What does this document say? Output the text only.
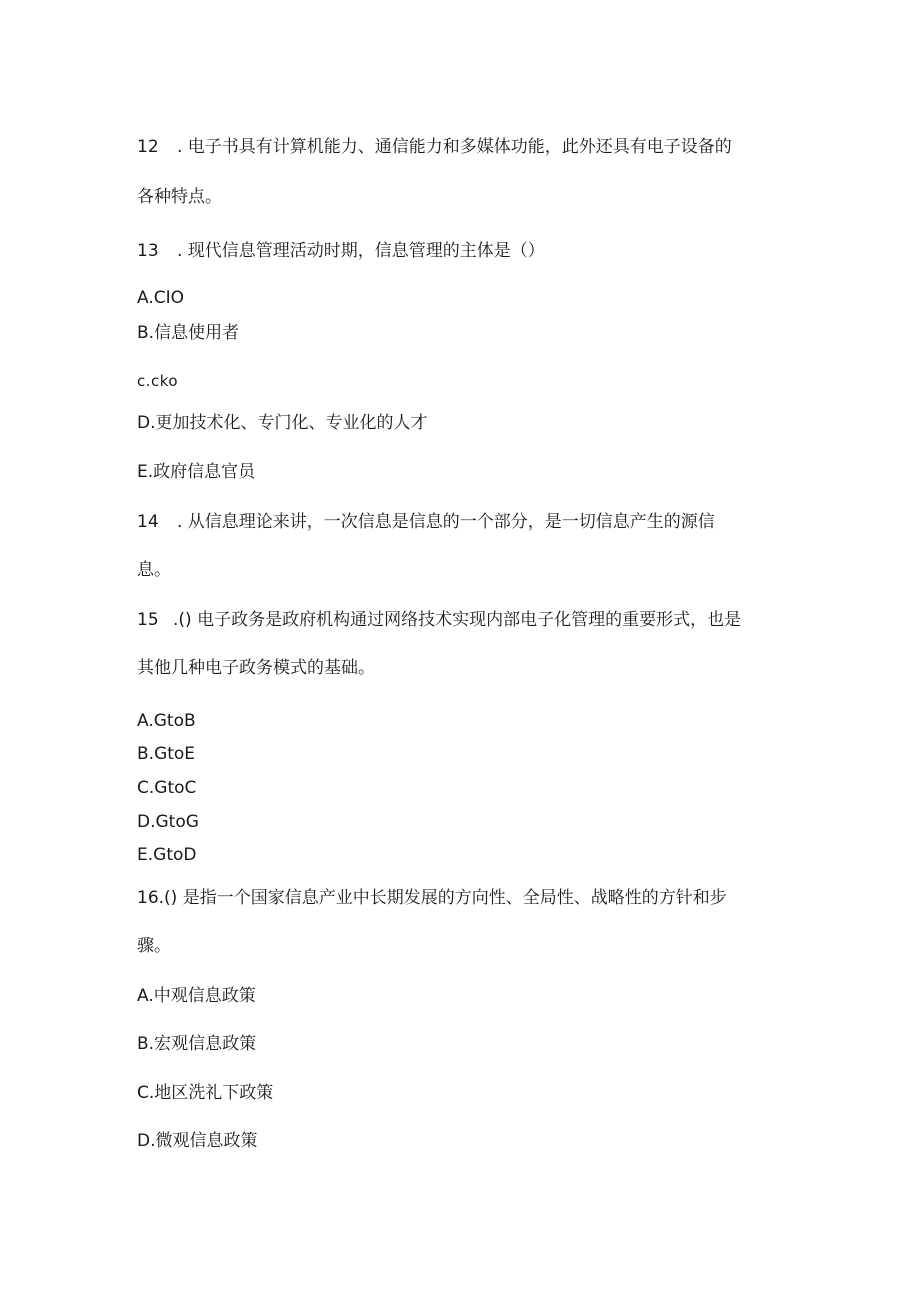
12 . 电子书具有计算机能力、通信能力和多媒体功能，此外还具有电子设备的
各种特点。
13 . 现代信息管理活动时期，信息管理的主体是（）
A.CIO
B.信息使用者
c.cko
D.更加技术化、专门化、专业化的人才
E.政府信息官员
14 . 从信息理论来讲，一次信息是信息的一个部分，是一切信息产生的源信
息。
15 .() 电子政务是政府机构通过网络技术实现内部电子化管理的重要形式，也是
其他几种电子政务模式的基础。
A.GtoB
B.GtoE
C.GtoC
D.GtoG
E.GtoD
16.() 是指一个国家信息产业中长期发展的方向性、全局性、战略性的方针和步
骤。
A.中观信息政策
B.宏观信息政策
C.地区洗礼下政策
D.微观信息政策
